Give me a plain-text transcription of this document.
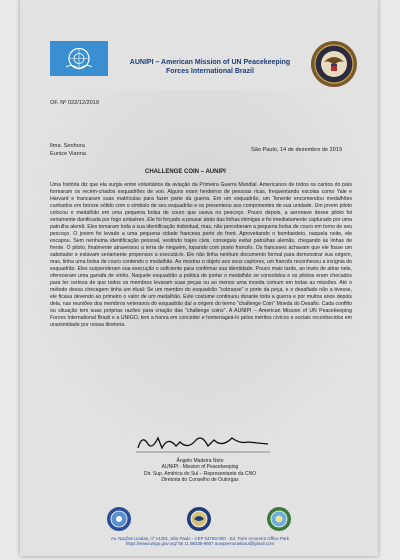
AUNIPI – American Mission of UN Peacekeeping Forces International Brazil
OF. Nº 022/12/2019
Ilma. Senhora
Eunice Vianna
São Paulo, 14 de dezembro de 2019
CHALLENGE COIN – AUNIPI
Uma história diz que ela surgiu entre voluntários da aviação da Primeira Guerra Mundial. Americanos de todos os cantos do país formaram os recém-criados esquadrões de voo. Alguns eram herdeiros de pessoas ricas, frequentando escolas como Yale e Harvard e trancaram suas matrículas para fazer parte da guerra. Em um esquadrão, um Tenente encomendou medalhões cunhados em bronze sólido com o símbolo de seu esquadrão e os presenteou aos componentes de sua unidade. Um jovem piloto colocou o medalhão em uma pequena bolsa de couro que usava no pescoço. Pouco depois, a aeronave desse piloto foi seriamente danificada por fogo antiaéreo. Ele foi forçado a pousar atrás das linhas inimigas e foi imediatamente capturado por uma patrulha alemã. Eles tomaram toda a sua identificação individual, mas, não perceberam a pequena bolsa de couro em torno de seu pescoço. O jovem foi levado a uma pequena cidade francesa perto do front. Aproveitando o bombardeio, naquela noite, ele escapou. Sem nenhuma identificação pessoal, vestindo trajes civis, conseguiu evitar patrulhas alemãs, chegando às linhas de frente. O piloto, finalmente atravessou a terra de ninguém, topando com posto francês. Os franceses achavam que ele fosse um sabotador e estavam seriamente propensos a executá-lo. Ele não tinha nenhum documento formal para demonstrar sua origem, mas, tinha uma bolsa de couro contendo o medalhão. Ao mostrar o objeto aos seus captores, um francês reconheceu a insígnia do esquadrão. Eles suspenderam sua execução o suficiente para confirmar sua identidade. Pouco mais tarde, ao invés de atirar nele, ofereceram uma garrafa de vinho. Naquele esquadrão a prática de portar o medalhão se consolidou e os pilotos eram checados para ter certeza de que todos os membros levaram suas peças ou ao menos uma moeda comum em todas as missões. Até o método dessa checagem tinha um ritual: Se um membro do esquadrão "cobrasse" o porte da peça, e o desafiado não a tivesse, ele ficava devendo ao primeiro o valor de um medalhão. Este costume continuou durante toda a guerra e por muitos anos depois dela, nas reuniões dos membros veteranos do esquadrão daí a origem do termo "challenge Coin" Moeda do Desafio. Cada conflito ou situação tem suas próprias razões para criação das "challenge coins". A AUNIPI – American Mission of UN Peacekeeping Forces International Brazil e a UNIGO, tem a honra em conceder e homenageá-lo pelos méritos cívicos e sociais reconhecidos em unanimidade por nossa diretoria.
Ângelo Madeira Neto
AUNIPI - Mission of Peacekeeping
Dir. Sup. América do Sul – Representante da CNO
Diretoria do Conselho de Outorgas
Av. Nações Unidas, nº 14401, São Paulo - CEP 04793-000 - Ed. Torre Amoreira Office Park
https://www.unigo.gov.org/ 55 11 99335-9607 aunipeenorasboul@gmail.com
